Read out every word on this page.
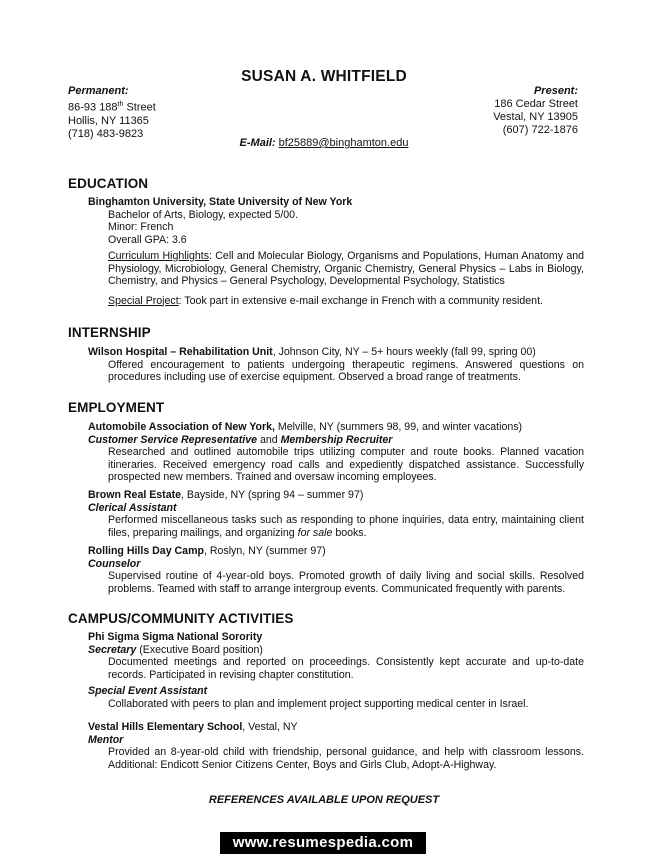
SUSAN A. WHITFIELD
Permanent:
86-93 188th Street
Hollis, NY 11365
(718) 483-9823
Present:
186 Cedar Street
Vestal, NY 13905
(607) 722-1876
E-Mail: bf25889@binghamton.edu
EDUCATION
Binghamton University, State University of New York
Bachelor of Arts, Biology, expected 5/00.
Minor: French
Overall GPA: 3.6
Curriculum Highlights: Cell and Molecular Biology, Organisms and Populations, Human Anatomy and Physiology, Microbiology, General Chemistry, Organic Chemistry, General Physics – Labs in Biology, Chemistry, and Physics – General Psychology, Developmental Psychology, Statistics
Special Project: Took part in extensive e-mail exchange in French with a community resident.
INTERNSHIP
Wilson Hospital – Rehabilitation Unit, Johnson City, NY – 5+ hours weekly (fall 99, spring 00)
Offered encouragement to patients undergoing therapeutic regimens. Answered questions on procedures including use of exercise equipment. Observed a broad range of treatments.
EMPLOYMENT
Automobile Association of New York, Melville, NY (summers 98, 99, and winter vacations)
Customer Service Representative and Membership Recruiter
Researched and outlined automobile trips utilizing computer and route books. Planned vacation itineraries. Received emergency road calls and expediently dispatched assistance. Successfully prospected new members. Trained and oversaw incoming employees.
Brown Real Estate, Bayside, NY (spring 94 – summer 97)
Clerical Assistant
Performed miscellaneous tasks such as responding to phone inquiries, data entry, maintaining client files, preparing mailings, and organizing for sale books.
Rolling Hills Day Camp, Roslyn, NY (summer 97)
Counselor
Supervised routine of 4-year-old boys. Promoted growth of daily living and social skills. Resolved problems. Teamed with staff to arrange intergroup events. Communicated frequently with parents.
CAMPUS/COMMUNITY ACTIVITIES
Phi Sigma Sigma National Sorority
Secretary (Executive Board position)
Documented meetings and reported on proceedings. Consistently kept accurate and up-to-date records. Participated in revising chapter constitution.
Special Event Assistant
Collaborated with peers to plan and implement project supporting medical center in Israel.
Vestal Hills Elementary School, Vestal, NY
Mentor
Provided an 8-year-old child with friendship, personal guidance, and help with classroom lessons. Additional: Endicott Senior Citizens Center, Boys and Girls Club, Adopt-A-Highway.
REFERENCES AVAILABLE UPON REQUEST
www.resumespedia.com
